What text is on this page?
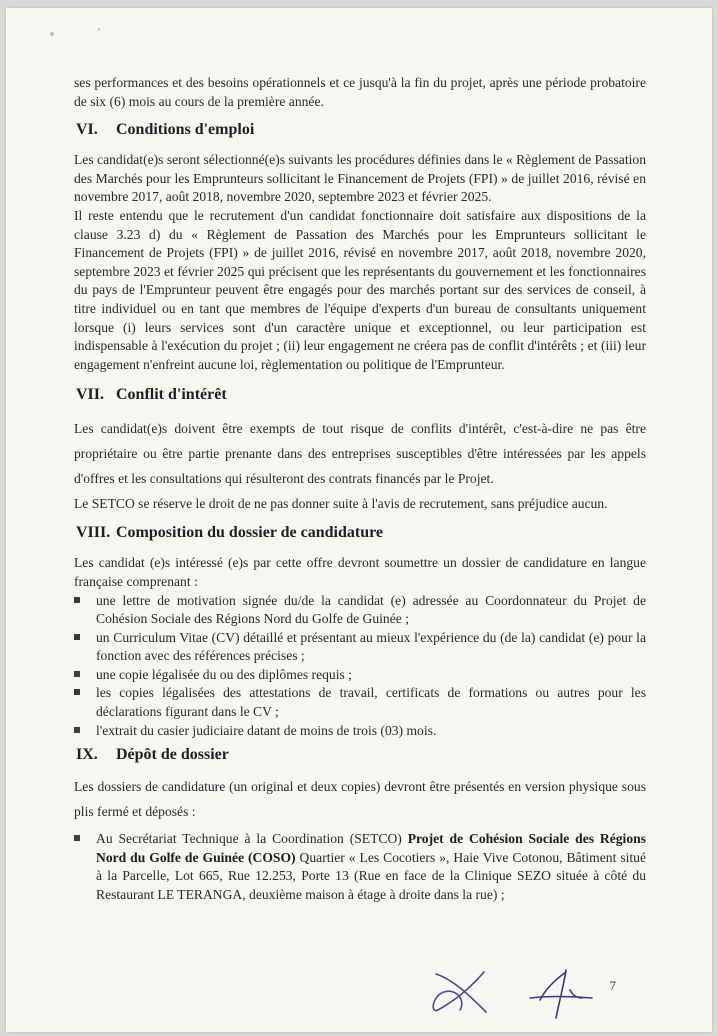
ses performances et des besoins opérationnels et ce jusqu'à la fin du projet, après une période probatoire de six (6) mois au cours de la première année.

VI. Conditions d'emploi

Les candidat(e)s seront sélectionné(e)s suivants les procédures définies dans le « Règlement de Passation des Marchés pour les Emprunteurs sollicitant le Financement de Projets (FPI) » de juillet 2016, révisé en novembre 2017, août 2018, novembre 2020, septembre 2023 et février 2025.

Il reste entendu que le recrutement d'un candidat fonctionnaire doit satisfaire aux dispositions de la clause 3.23 d) du « Règlement de Passation des Marchés pour les Emprunteurs sollicitant le Financement de Projets (FPI) » de juillet 2016, révisé en novembre 2017, août 2018, novembre 2020, septembre 2023 et février 2025 qui précisent que les représentants du gouvernement et les fonctionnaires du pays de l'Emprunteur peuvent être engagés pour des marchés portant sur des services de conseil, à titre individuel ou en tant que membres de l'équipe d'experts d'un bureau de consultants uniquement lorsque (i) leurs services sont d'un caractère unique et exceptionnel, ou leur participation est indispensable à l'exécution du projet ; (ii) leur engagement ne créera pas de conflit d'intérêts ; et (iii) leur engagement n'enfreint aucune loi, règlementation ou politique de l'Emprunteur.

VII. Conflit d'intérêt

Les candidat(e)s doivent être exempts de tout risque de conflits d'intérêt, c'est-à-dire ne pas être propriétaire ou être partie prenante dans des entreprises susceptibles d'être intéressées par les appels d'offres et les consultations qui résulteront des contrats financés par le Projet.

Le SETCO se réserve le droit de ne pas donner suite à l'avis de recrutement, sans préjudice aucun.

VIII. Composition du dossier de candidature

Les candidat (e)s intéressé (e)s par cette offre devront soumettre un dossier de candidature en langue française comprenant :

une lettre de motivation signée du/de la candidat (e) adressée au Coordonnateur du Projet de Cohésion Sociale des Régions Nord du Golfe de Guinée ;
un Curriculum Vitae (CV) détaillé et présentant au mieux l'expérience du (de la) candidat (e) pour la fonction avec des références précises ;
une copie légalisée du ou des diplômes requis ;
les copies légalisées des attestations de travail, certificats de formations ou autres pour les déclarations figurant dans le CV ;
l'extrait du casier judiciaire datant de moins de trois (03) mois.
IX. Dépôt de dossier

Les dossiers de candidature (un original et deux copies) devront être présentés en version physique sous plis fermé et déposés :

Au Secrétariat Technique à la Coordination (SETCO) Projet de Cohésion Sociale des Régions Nord du Golfe de Guinée (COSO) Quartier « Les Cocotiers », Haie Vive Cotonou, Bâtiment situé à la Parcelle, Lot 665, Rue 12.253, Porte 13 (Rue en face de la Clinique SEZO située à côté du Restaurant LE TERANGA, deuxième maison à étage à droite dans la rue) ;
7
